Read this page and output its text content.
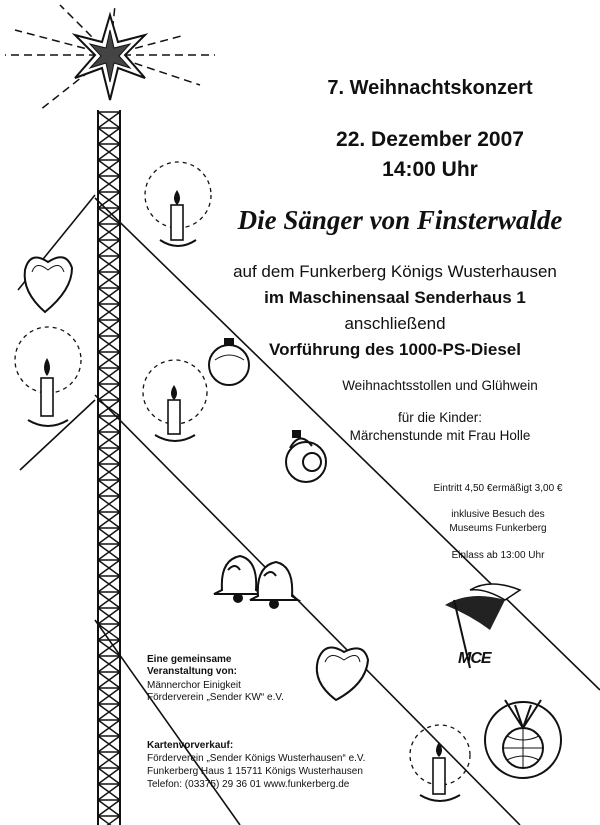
7. Weihnachtskonzert
22. Dezember 2007
14:00 Uhr
Die Sänger von Finsterwalde
auf dem Funkerberg Königs Wusterhausen
im Maschinensaal Senderhaus 1
anschließend
Vorführung des 1000-PS-Diesel
Weihnachtsstollen und Glühwein
für die Kinder:
Märchenstunde mit Frau Holle
Eintritt 4,50 €ermäßigt 3,00 €
inklusive Besuch des
Museums Funkerberg
Einlass ab 13:00 Uhr
Eine gemeinsame
Veranstaltung von:
Männerchor Einigkeit
Förderverein „Sender KW“ e.V.
Kartenvorverkauf:
Förderverein „Sender Königs Wusterhausen“ e.V.
Funkerberg Haus 1 15711 Königs Wusterhausen
Telefon: (03375) 29 36 01 www.funkerberg.de
MCE
